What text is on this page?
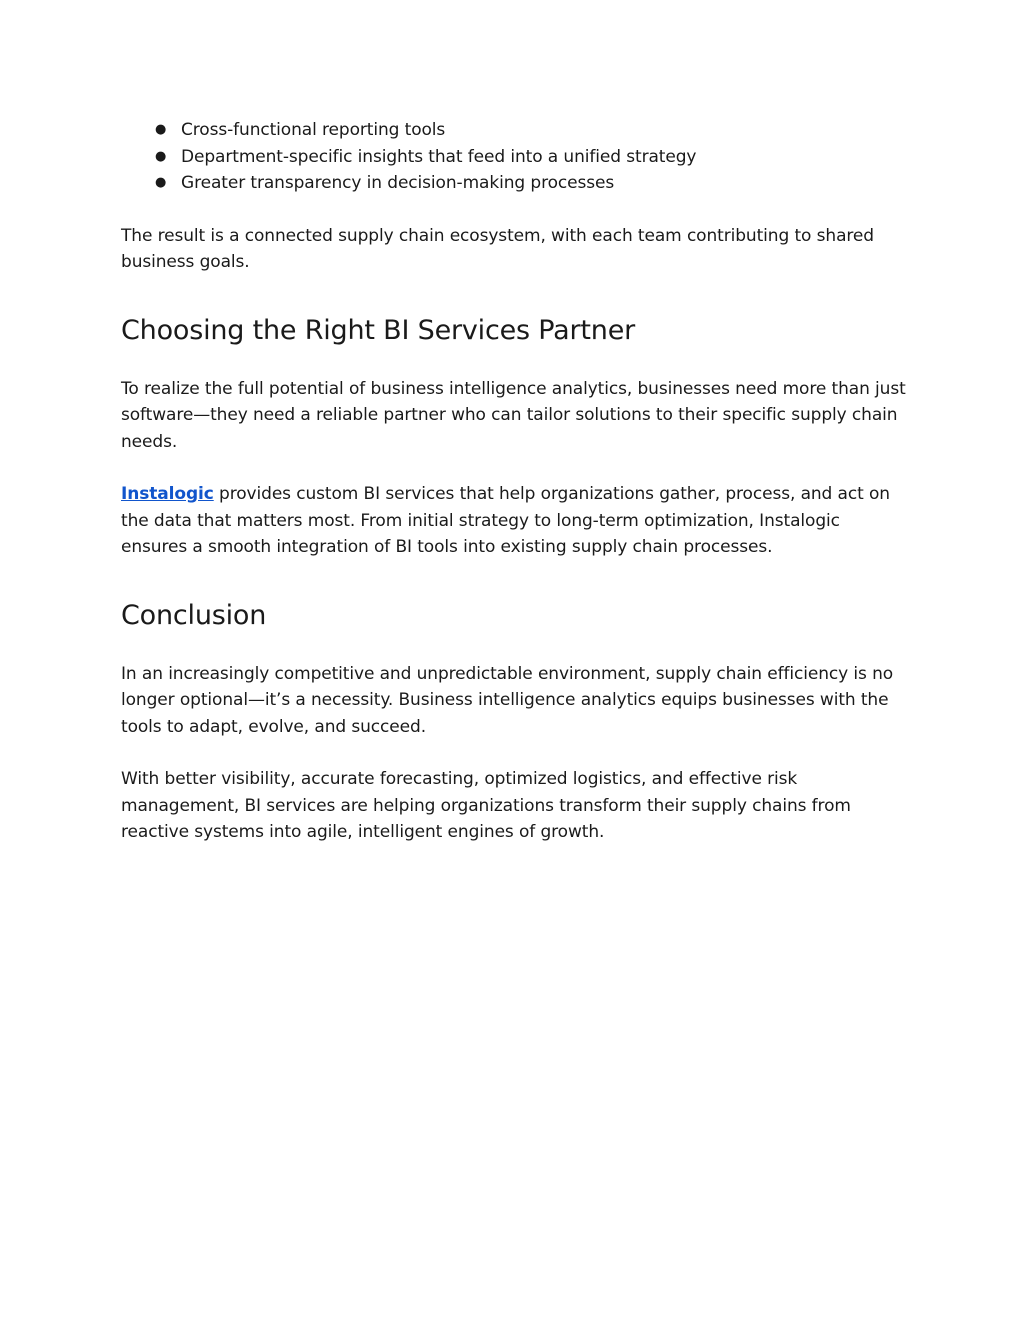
● Cross-functional reporting tools
● Department-specific insights that feed into a unified strategy
● Greater transparency in decision-making processes

The result is a connected supply chain ecosystem, with each team contributing to shared business goals.

Choosing the Right BI Services Partner

To realize the full potential of business intelligence analytics, businesses need more than just software—they need a reliable partner who can tailor solutions to their specific supply chain needs.

Instalogic provides custom BI services that help organizations gather, process, and act on the data that matters most. From initial strategy to long-term optimization, Instalogic ensures a smooth integration of BI tools into existing supply chain processes.

Conclusion

In an increasingly competitive and unpredictable environment, supply chain efficiency is no longer optional—it’s a necessity. Business intelligence analytics equips businesses with the tools to adapt, evolve, and succeed.

With better visibility, accurate forecasting, optimized logistics, and effective risk management, BI services are helping organizations transform their supply chains from reactive systems into agile, intelligent engines of growth.
